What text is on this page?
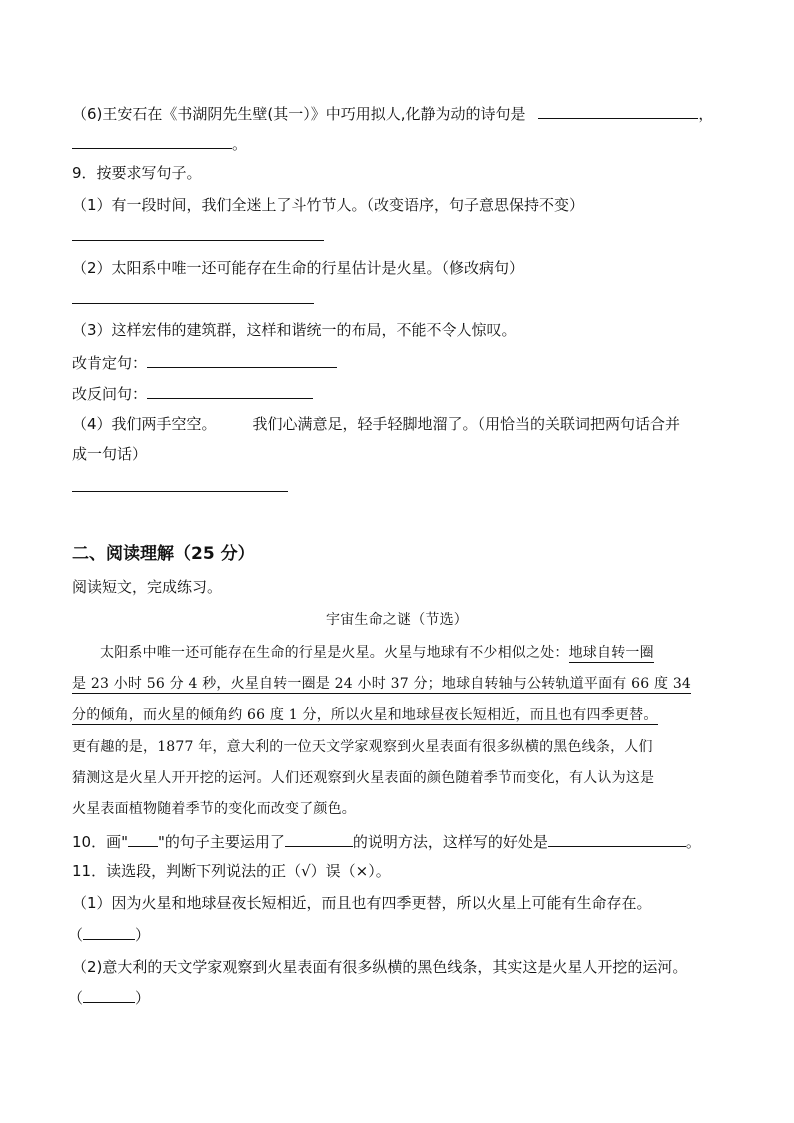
（6)王安石在《书湖阴先生壁(其一）》中巧用拟人,化静为动的诗句是	，
。
9．按要求写句子。
（1）有一段时间，我们全迷上了斗竹节人。（改变语序，句子意思保持不变）
（2）太阳系中唯一还可能存在生命的行星估计是火星。（修改病句）
（3）这样宏伟的建筑群，这样和谐统一的布局，不能不令人惊叹。
改肯定句：
改反问句：
（4）我们两手空空。 我们心满意足，轻手轻脚地溜了。（用恰当的关联词把两句话合并
成一句话）
二、阅读理解（25 分）
阅读短文，完成练习。
宇宙生命之谜（节选）
太阳系中唯一还可能存在生命的行星是火星。火星与地球有不少相似之处：地球自转一圈
是 23 小时 56 分 4 秒，火星自转一圈是 24 小时 37 分；地球自转轴与公转轨道平面有 66 度 34
分的倾角，而火星的倾角约 66 度 1 分，所以火星和地球昼夜长短相近，而且也有四季更替。
更有趣的是，1877 年，意大利的一位天文学家观察到火星表面有很多纵横的黑色线条，人们
猜测这是火星人开开挖的运河。人们还观察到火星表面的颜色随着季节而变化，有人认为这是
火星表面植物随着季节的变化而改变了颜色。
10．画" "的句子主要运用了	的说明方法，这样写的好处是	。
11．读选段，判断下列说法的正（√）误（×）。
（1）因为火星和地球昼夜长短相近，而且也有四季更替，所以火星上可能有生命存在。
（	）
（2)意大利的天文学家观察到火星表面有很多纵横的黑色线条，其实这是火星人开挖的运河。
（	）
